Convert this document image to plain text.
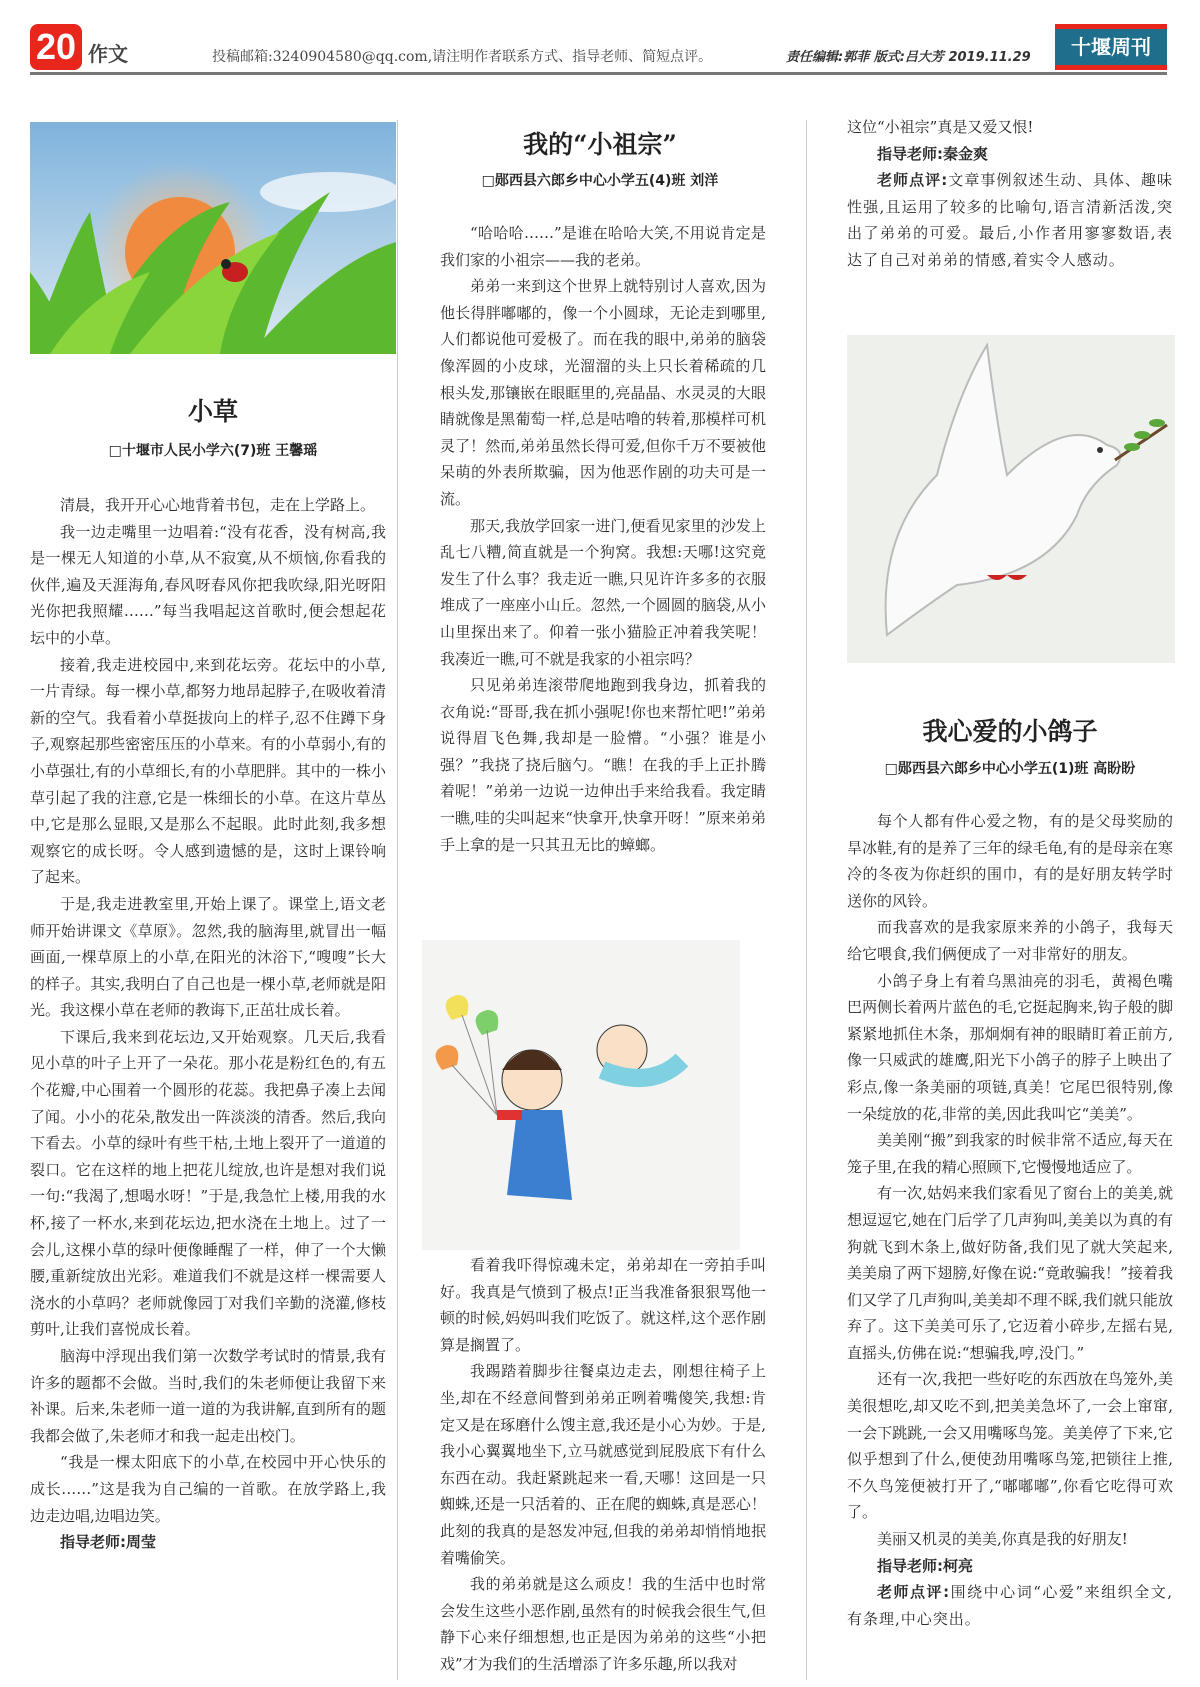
20 作文	投稿邮箱:3240904580@qq.com,请注明作者联系方式、指导老师、简短点评。	责任编辑:郭菲 版式:吕大芳 2019.11.29	十堰周刊
小草
□十堰市人民小学六(7)班 王馨瑶

清晨，我开开心心地背着书包，走在上学路上。

我一边走嘴里一边唱着:“没有花香，没有树高,我是一棵无人知道的小草,从不寂寞,从不烦恼,你看我的伙伴,遍及天涯海角,春风呀春风你把我吹绿,阳光呀阳光你把我照耀……”每当我唱起这首歌时,便会想起花坛中的小草。

接着,我走进校园中,来到花坛旁。花坛中的小草,一片青绿。每一棵小草,都努力地昂起脖子,在吸收着清新的空气。我看着小草挺拔向上的样子,忍不住蹲下身子,观察起那些密密压压的小草来。有的小草弱小,有的小草强壮,有的小草细长,有的小草肥胖。其中的一株小草引起了我的注意,它是一株细长的小草。在这片草丛中,它是那么显眼,又是那么不起眼。此时此刻,我多想观察它的成长呀。令人感到遗憾的是，这时上课铃响了起来。

于是,我走进教室里,开始上课了。课堂上,语文老师开始讲课文《草原》。忽然,我的脑海里,就冒出一幅画面,一棵草原上的小草,在阳光的沐浴下,“嗖嗖”长大的样子。其实,我明白了自己也是一棵小草,老师就是阳光。我这棵小草在老师的教诲下,正茁壮成长着。

下课后,我来到花坛边,又开始观察。几天后,我看见小草的叶子上开了一朵花。那小花是粉红色的,有五个花瓣,中心围着一个圆形的花蕊。我把鼻子凑上去闻了闻。小小的花朵,散发出一阵淡淡的清香。然后,我向下看去。小草的绿叶有些干枯,土地上裂开了一道道的裂口。它在这样的地上把花儿绽放,也许是想对我们说一句:“我渴了,想喝水呀！”于是,我急忙上楼,用我的水杯,接了一杯水,来到花坛边,把水浇在土地上。过了一会儿,这棵小草的绿叶便像睡醒了一样，伸了一个大懒腰,重新绽放出光彩。难道我们不就是这样一棵需要人浇水的小草吗？老师就像园丁对我们辛勤的浇灌,修枝剪叶,让我们喜悦成长着。

脑海中浮现出我们第一次数学考试时的情景,我有许多的题都不会做。当时,我们的朱老师便让我留下来补课。后来,朱老师一道一道的为我讲解,直到所有的题我都会做了,朱老师才和我一起走出校门。

“我是一棵太阳底下的小草,在校园中开心快乐的成长……”这是我为自己编的一首歌。在放学路上,我边走边唱,边唱边笑。

指导老师:周莹

我的“小祖宗”
□郧西县六郎乡中心小学五(4)班 刘洋

“哈哈哈……”是谁在哈哈大笑,不用说肯定是我们家的小祖宗——我的老弟。

弟弟一来到这个世界上就特别讨人喜欢,因为他长得胖嘟嘟的，像一个小圆球，无论走到哪里,人们都说他可爱极了。而在我的眼中,弟弟的脑袋像浑圆的小皮球，光溜溜的头上只长着稀疏的几根头发,那镶嵌在眼眶里的,亮晶晶、水灵灵的大眼睛就像是黑葡萄一样,总是咕噜的转着,那模样可机灵了！然而,弟弟虽然长得可爱,但你千万不要被他呆萌的外表所欺骗，因为他恶作剧的功夫可是一流。

那天,我放学回家一进门,便看见家里的沙发上乱七八糟,简直就是一个狗窝。我想:天哪!这究竟发生了什么事？我走近一瞧,只见许许多多的衣服堆成了一座座小山丘。忽然,一个圆圆的脑袋,从小山里探出来了。仰着一张小猫脸正冲着我笑呢！我凑近一瞧,可不就是我家的小祖宗吗？

只见弟弟连滚带爬地跑到我身边，抓着我的衣角说:“哥哥,我在抓小强呢!你也来帮忙吧!”弟弟说得眉飞色舞,我却是一脸懵。“小强？谁是小强？”我挠了挠后脑勺。“瞧！在我的手上正扑腾着呢！”弟弟一边说一边伸出手来给我看。我定睛一瞧,哇的尖叫起来“快拿开,快拿开呀！”原来弟弟手上拿的是一只其丑无比的蟑螂。

看着我吓得惊魂未定，弟弟却在一旁拍手叫好。我真是气愤到了极点!正当我准备狠狠骂他一顿的时候,妈妈叫我们吃饭了。就这样,这个恶作剧算是搁置了。

我踢踏着脚步往餐桌边走去，刚想往椅子上坐,却在不经意间瞥到弟弟正咧着嘴傻笑,我想:肯定又是在琢磨什么馊主意,我还是小心为妙。于是,我小心翼翼地坐下,立马就感觉到屁股底下有什么东西在动。我赶紧跳起来一看,天哪！这回是一只蜘蛛,还是一只活着的、正在爬的蜘蛛,真是恶心！此刻的我真的是怒发冲冠,但我的弟弟却悄悄地抿着嘴偷笑。

我的弟弟就是这么顽皮！我的生活中也时常会发生这些小恶作剧,虽然有的时候我会很生气,但静下心来仔细想想,也正是因为弟弟的这些“小把戏”才为我们的生活增添了许多乐趣,所以我对

这位“小祖宗”真是又爱又恨!

指导老师:秦金爽

老师点评:文章事例叙述生动、具体、趣味性强,且运用了较多的比喻句,语言清新活泼,突出了弟弟的可爱。最后,小作者用寥寥数语,表达了自己对弟弟的情感,着实令人感动。

我心爱的小鸽子
□郧西县六郎乡中心小学五(1)班 高盼盼

每个人都有件心爱之物，有的是父母奖励的旱冰鞋,有的是养了三年的绿毛龟,有的是母亲在寒冷的冬夜为你赶织的围巾，有的是好朋友转学时送你的风铃。

而我喜欢的是我家原来养的小鸽子，我每天给它喂食,我们俩便成了一对非常好的朋友。

小鸽子身上有着乌黑油亮的羽毛，黄褐色嘴巴两侧长着两片蓝色的毛,它挺起胸来,钩子般的脚紧紧地抓住木条，那炯炯有神的眼睛盯着正前方,像一只威武的雄鹰,阳光下小鸽子的脖子上映出了彩点,像一条美丽的项链,真美！它尾巴很特别,像一朵绽放的花,非常的美,因此我叫它“美美”。

美美刚“搬”到我家的时候非常不适应,每天在笼子里,在我的精心照顾下,它慢慢地适应了。

有一次,姑妈来我们家看见了窗台上的美美,就想逗逗它,她在门后学了几声狗叫,美美以为真的有狗就飞到木条上,做好防备,我们见了就大笑起来,美美扇了两下翅膀,好像在说:“竟敢骗我！”接着我们又学了几声狗叫,美美却不理不睬,我们就只能放弃了。这下美美可乐了,它迈着小碎步,左摇右晃,直摇头,仿佛在说:“想骗我,哼,没门。”

还有一次,我把一些好吃的东西放在鸟笼外,美美很想吃,却又吃不到,把美美急坏了,一会上窜窜,一会下跳跳,一会又用嘴啄鸟笼。美美停了下来,它似乎想到了什么,便使劲用嘴啄鸟笼,把锁往上推,不久鸟笼便被打开了,“嘟嘟嘟”,你看它吃得可欢了。

美丽又机灵的美美,你真是我的好朋友!

指导老师:柯亮

老师点评:围绕中心词“心爱”来组织全文,有条理,中心突出。
